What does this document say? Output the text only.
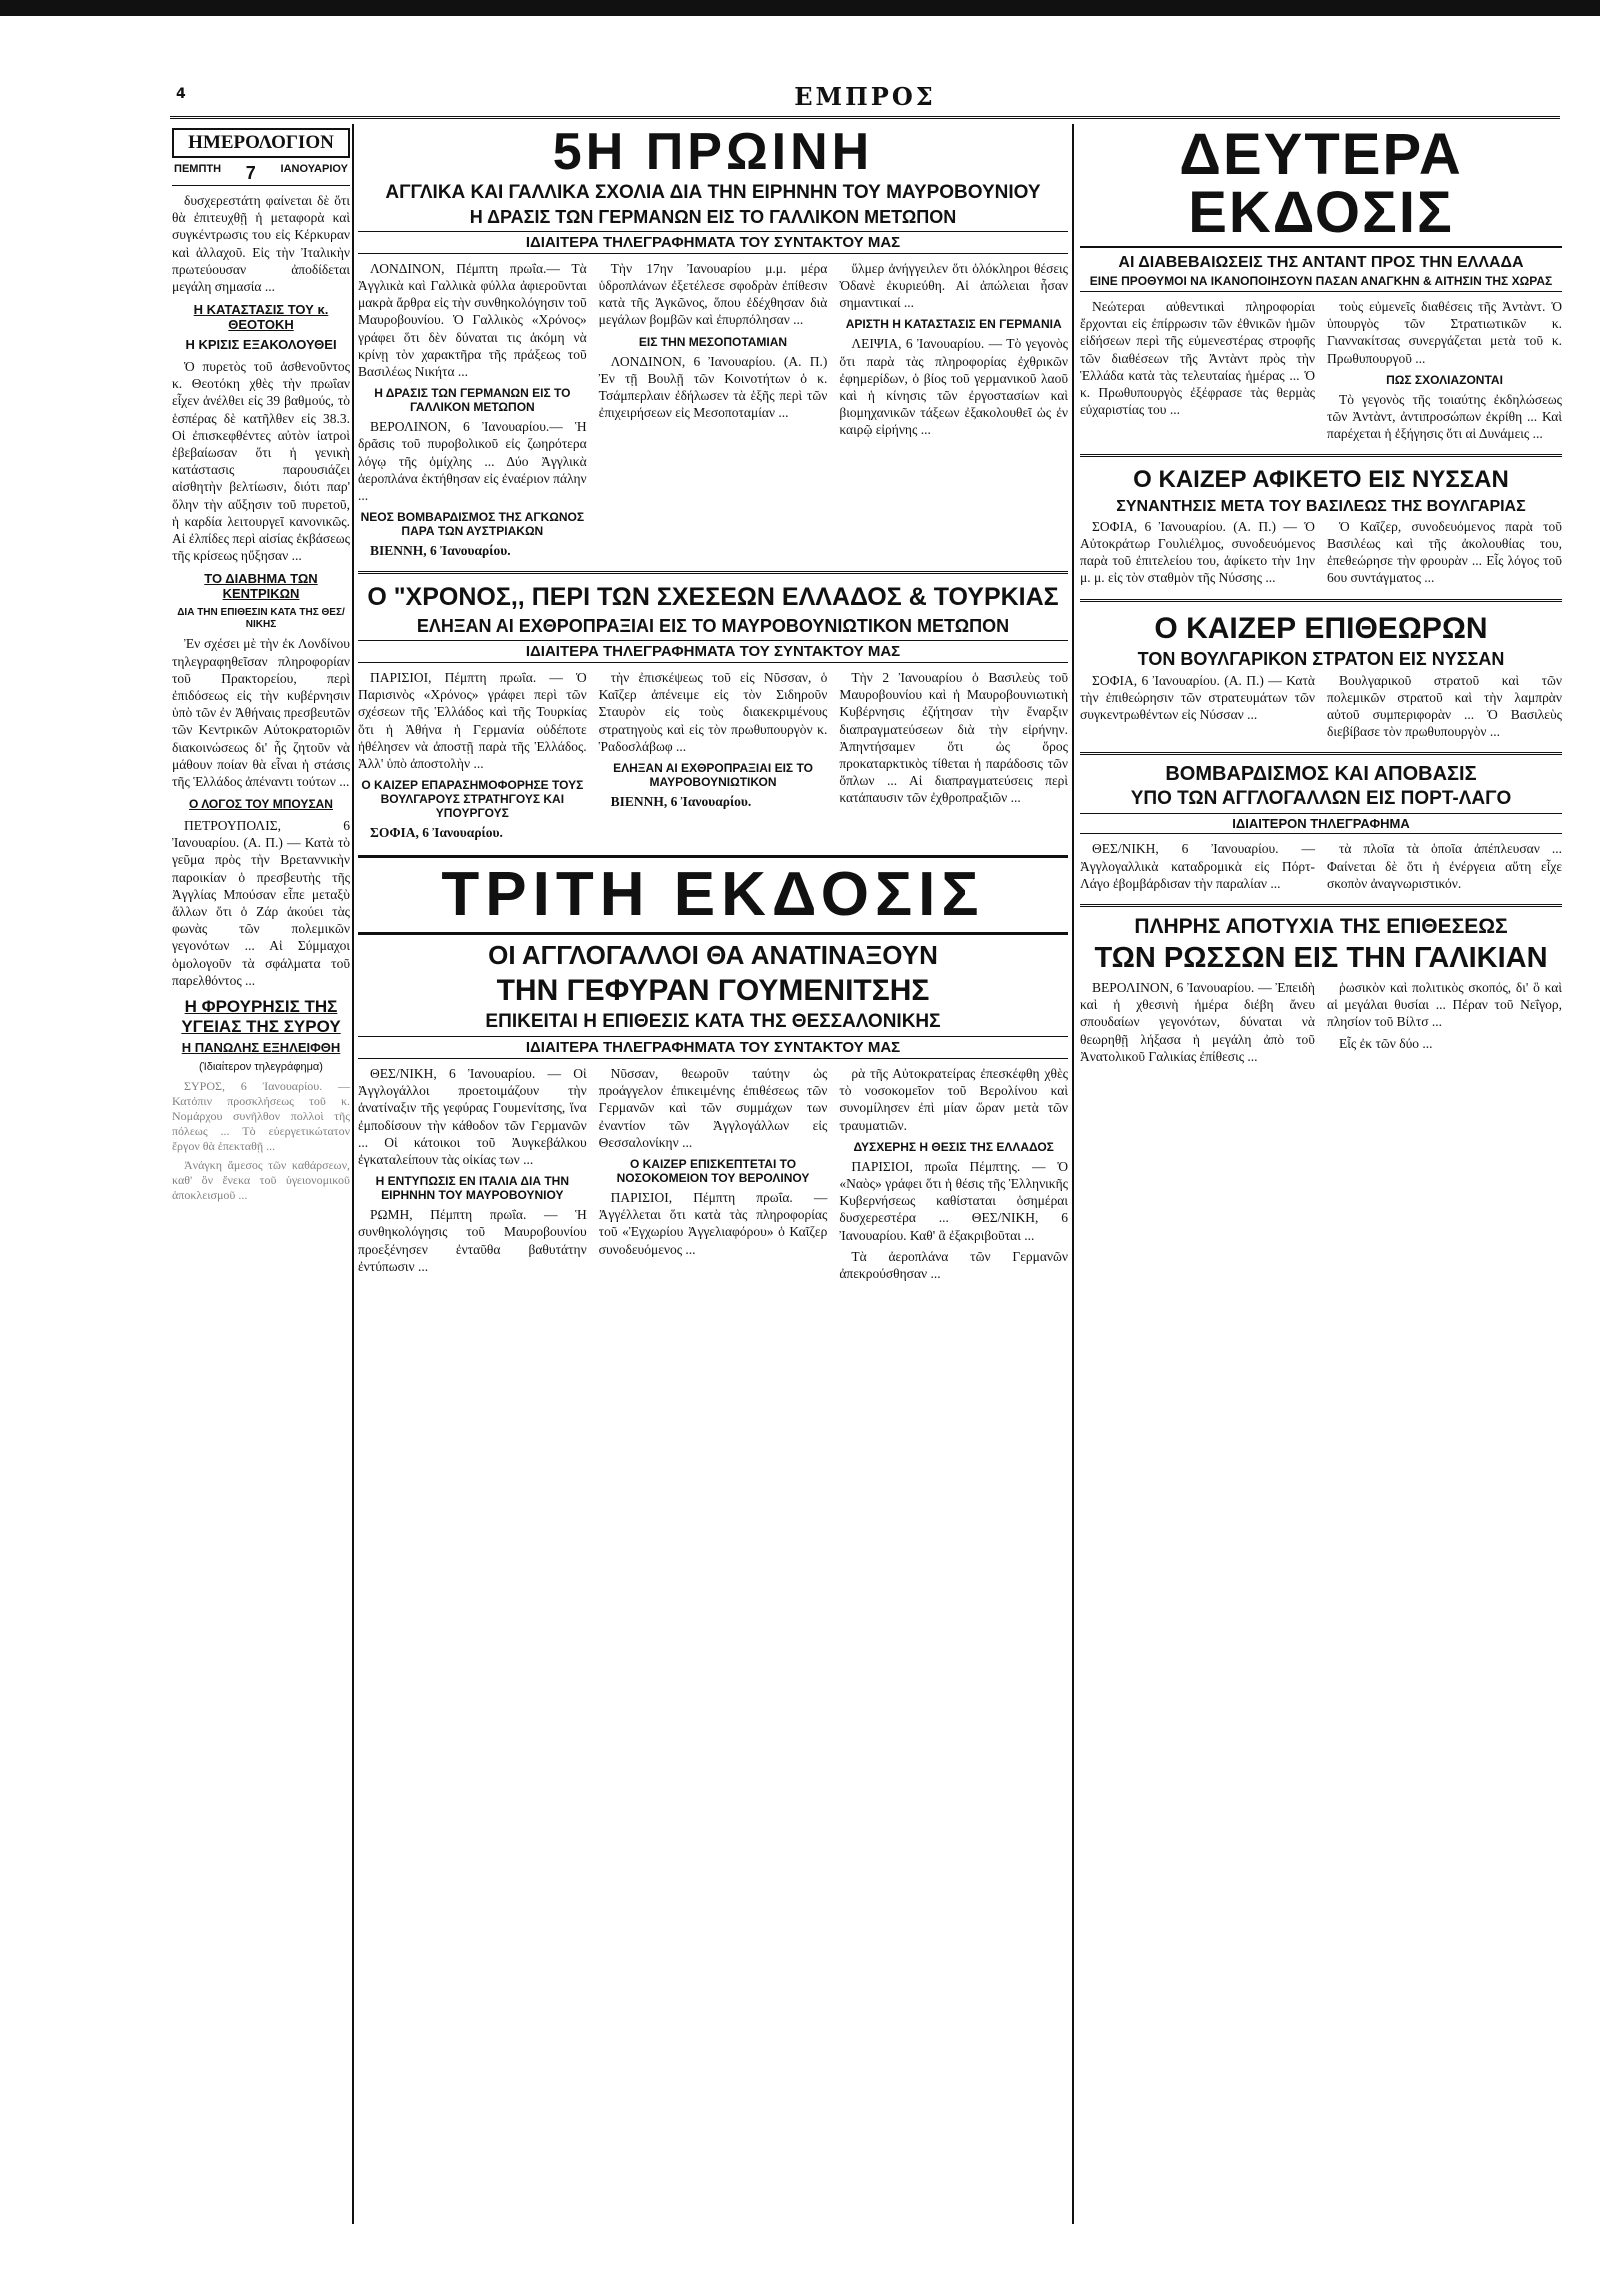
4	ΕΜΠΡΟΣ
ΗΜΕΡΟΛΟΓΙΟΝ
ΠΕΜΠΤΗ 7 ΙΑΝΟΥΑΡΙΟΥ

δυσχερεστάτη φαίνεται δὲ ὅτι θὰ ἐπιτευχθῇ ἡ μεταφορὰ καὶ συγκέντρωσις του εἰς Κέρκυραν καὶ ἀλλαχοῦ. Εἰς τὴν Ἰταλικὴν πρωτεύουσαν ἀποδίδεται μεγάλη σημασία ...

Η ΚΑΤΑΣΤΑΣΙΣ ΤΟΥ κ. ΘΕΟΤΟΚΗ
Η ΚΡΙΣΙΣ ΕΞΑΚΟΛΟΥΘΕΙ

Ὁ πυρετὸς τοῦ ἀσθενοῦντος κ. Θεοτόκη χθὲς τὴν πρωΐαν εἶχεν ἀνέλθει εἰς 39 βαθμούς, τὸ ἑσπέρας δὲ κατῆλθεν εἰς 38.3. Οἱ ἐπισκεφθέντες αὐτὸν ἰατροὶ ἐβεβαίωσαν ὅτι ἡ γενικὴ κατάστασις παρουσιάζει αἰσθητὴν βελτίωσιν, διότι παρ' ὅλην τὴν αὔξησιν τοῦ πυρετοῦ, ἡ καρδία λειτουργεῖ κανονικῶς. Αἱ ἐλπίδες περὶ αἰσίας ἐκβάσεως τῆς κρίσεως ηὔξησαν ...

ΤΟ ΔΙΑΒΗΜΑ ΤΩΝ ΚΕΝΤΡΙΚΩΝ
ΔΙΑ ΤΗΝ ΕΠΙΘΕΣΙΝ ΚΑΤΑ ΤΗΣ ΘΕΣ/ΝΙΚΗΣ

Ἐν σχέσει μὲ τὴν ἐκ Λονδίνου τηλεγραφηθεῖσαν πληροφορίαν τοῦ Πρακτορείου, περὶ ἐπιδόσεως εἰς τὴν κυβέρνησιν ὑπὸ τῶν ἐν Ἀθήναις πρεσβευτῶν τῶν Κεντρικῶν Αὐτοκρατοριῶν διακοινώσεως δι' ἧς ζητοῦν νὰ μάθουν ποίαν θὰ εἶναι ἡ στάσις τῆς Ἑλλάδος ἀπέναντι τούτων ...

Ο ΛΟΓΟΣ ΤΟΥ ΜΠΟΥΣΑΝ

ΠΕΤΡΟΥΠΟΛΙΣ, 6 Ἰανουαρίου. (Α. Π.) — Κατὰ τὸ γεῦμα πρὸς τὴν Βρεταννικὴν παροικίαν ὁ πρεσβευτὴς τῆς Ἀγγλίας Μπούσαν εἶπε μεταξὺ ἄλλων ὅτι ὁ Ζάρ ἀκούει τὰς φωνὰς τῶν πολεμικῶν γεγονότων ... Αἱ Σύμμαχοι ὁμολογοῦν τὰ σφάλματα τοῦ παρελθόντος ...

Η ΦΡΟΥΡΗΣΙΣ ΤΗΣ ΥΓΕΙΑΣ ΤΗΣ ΣΥΡΟΥ
Η ΠΑΝΩΛΗΣ ΕΞΗΛΕΙΦΘΗ
(Ἰδιαίτερον τηλεγράφημα)

ΣΥΡΟΣ, 6 Ἰανουαρίου. — Κατόπιν προσκλήσεως τοῦ κ. Νομάρχου συνῆλθον πολλοὶ τῆς πόλεως ... Τὸ εὐεργετικώτατον ἔργον θὰ ἐπεκταθῇ ...

Ἀνάγκη ἄμεσος τῶν καθάρσεων, καθ' ὃν ἕνεκα τοῦ ὑγειονομικοῦ ἀποκλεισμοῦ ...

5Η ΠΡΩΙΝΗ
ΑΓΓΛΙΚΑ ΚΑΙ ΓΑΛΛΙΚΑ ΣΧΟΛΙΑ ΔΙΑ ΤΗΝ ΕΙΡΗΝΗΝ ΤΟΥ ΜΑΥΡΟΒΟΥΝΙΟΥ
Η ΔΡΑΣΙΣ ΤΩΝ ΓΕΡΜΑΝΩΝ ΕΙΣ ΤΟ ΓΑΛΛΙΚΟΝ ΜΕΤΩΠΟΝ
ΙΔΙΑΙΤΕΡΑ ΤΗΛΕΓΡΑΦΗΜΑΤΑ ΤΟΥ ΣΥΝΤΑΚΤΟΥ ΜΑΣ

ΛΟΝΔΙΝΟΝ, Πέμπτη πρωΐα.— Τὰ Ἀγγλικὰ καὶ Γαλλικὰ φύλλα ἀφιεροῦνται μακρὰ ἄρθρα εἰς τὴν συνθηκολόγησιν τοῦ Μαυροβουνίου. Ὁ Γαλλικὸς «Χρόνος» γράφει ὅτι δὲν δύναται τις ἀκόμη νὰ κρίνῃ τὸν χαρακτῆρα τῆς πράξεως τοῦ Βασιλέως Νικήτα ...

Η ΔΡΑΣΙΣ ΤΩΝ ΓΕΡΜΑΝΩΝ ΕΙΣ ΤΟ ΓΑΛΛΙΚΟΝ ΜΕΤΩΠΟΝ

ΒΕΡΟΛΙΝΟΝ, 6 Ἰανουαρίου.— Ἡ δρᾶσις τοῦ πυροβολικοῦ εἰς ζωηρότερα λόγῳ τῆς ὁμίχλης ... Δύο Ἀγγλικὰ ἀεροπλάνα ἐκτήθησαν εἰς ἐναέριον πάλην ...

ΝΕΟΣ ΒΟΜΒΑΡΔΙΣΜΟΣ ΤΗΣ ΑΓΚΩΝΟΣ ΠΑΡΑ ΤΩΝ ΑΥΣΤΡΙΑΚΩΝ

ΒΙΕΝΝΗ, 6 Ἰανουαρίου.

Τὴν 17ην Ἰανουαρίου μ.μ. μέρα ὑδροπλάνων ἐξετέλεσε σφοδρὰν ἐπίθεσιν κατὰ τῆς Ἀγκῶνος, ὅπου ἐδέχθησαν διὰ μεγάλων βομβῶν καὶ ἐπυρπόλησαν ...

ΕΙΣ ΤΗΝ ΜΕΣΟΠΟΤΑΜΙΑΝ

ΛΟΝΔΙΝΟΝ, 6 Ἰανουαρίου. (Α. Π.) Ἐν τῇ Βουλῇ τῶν Κοινοτήτων ὁ κ. Τσάμπερλαιν ἐδήλωσεν τὰ ἑξῆς περὶ τῶν ἐπιχειρήσεων εἰς Μεσοποταμίαν ...

ὕλμερ ἀνήγγειλεν ὅτι ὁλόκληροι θέσεις Ὀδανὲ ἐκυριεύθη. Αἱ ἀπώλειαι ἦσαν σημαντικαί ...

ΑΡΙΣΤΗ Η ΚΑΤΑΣΤΑΣΙΣ ΕΝ ΓΕΡΜΑΝΙΑ

ΛΕΙΨΙΑ, 6 Ἰανουαρίου. — Τὸ γεγονὸς ὅτι παρὰ τὰς πληροφορίας ἐχθρικῶν ἐφημερίδων, ὁ βίος τοῦ γερμανικοῦ λαοῦ καὶ ἡ κίνησις τῶν ἐργοστασίων καὶ βιομηχανικῶν τάξεων ἐξακολουθεῖ ὡς ἐν καιρῷ εἰρήνης ...

Ο "ΧΡΟΝΟΣ,, ΠΕΡΙ ΤΩΝ ΣΧΕΣΕΩΝ ΕΛΛΑΔΟΣ & ΤΟΥΡΚΙΑΣ
ΕΛΗΞΑΝ ΑΙ ΕΧΘΡΟΠΡΑΞΙΑΙ ΕΙΣ ΤΟ ΜΑΥΡΟΒΟΥΝΙΩΤΙΚΟΝ ΜΕΤΩΠΟΝ
ΙΔΙΑΙΤΕΡΑ ΤΗΛΕΓΡΑΦΗΜΑΤΑ ΤΟΥ ΣΥΝΤΑΚΤΟΥ ΜΑΣ

ΠΑΡΙΣΙΟΙ, Πέμπτη πρωΐα. — Ὁ Παρισινὸς «Χρόνος» γράφει περὶ τῶν σχέσεων τῆς Ἑλλάδος καὶ τῆς Τουρκίας ὅτι ἡ Ἀθήνα ἡ Γερμανία οὐδέποτε ἠθέλησεν νὰ ἀποστῇ παρὰ τῆς Ἑλλάδος. Ἀλλ' ὑπὸ ἀποστολὴν ...

Ο ΚΑΙΖΕΡ ΕΠΑΡΑΣΗΜΟΦΟΡΗΣΕ ΤΟΥΣ ΒΟΥΛΓΑΡΟΥΣ ΣΤΡΑΤΗΓΟΥΣ ΚΑΙ ΥΠΟΥΡΓΟΥΣ

ΣΟΦΙΑ, 6 Ἰανουαρίου.

τὴν ἐπισκέψεως τοῦ εἰς Νῦσσαν, ὁ Καῖζερ ἀπένειμε εἰς τὸν Σιδηροῦν Σταυρὸν εἰς τοὺς διακεκριμένους στρατηγοὺς καὶ εἰς τὸν πρωθυπουργὸν κ. Ῥαδοσλάβωφ ...

ΕΛΗΞΑΝ ΑΙ ΕΧΘΡΟΠΡΑΞΙΑΙ ΕΙΣ ΤΟ ΜΑΥΡΟΒΟΥΝΙΩΤΙΚΟΝ

ΒΙΕΝΝΗ, 6 Ἰανουαρίου.

Τὴν 2 Ἰανουαρίου ὁ Βασιλεὺς τοῦ Μαυροβουνίου καὶ ἡ Μαυροβουνιωτικὴ Κυβέρνησις ἐζήτησαν τὴν ἔναρξιν διαπραγματεύσεων διὰ τὴν εἰρήνην. Ἀπηντήσαμεν ὅτι ὡς ὅρος προκαταρκτικὸς τίθεται ἡ παράδοσις τῶν ὅπλων ... Αἱ διαπραγματεύσεις περὶ κατάπαυσιν τῶν ἐχθροπραξιῶν ...

ΤΡΙΤΗ ΕΚΔΟΣΙΣ
ΟΙ ΑΓΓΛΟΓΑΛΛΟΙ ΘΑ ΑΝΑΤΙΝΑΞΟΥΝ
ΤΗΝ ΓΕΦΥΡΑΝ ΓΟΥΜΕΝΙΤΣΗΣ
ΕΠΙΚΕΙΤΑΙ Η ΕΠΙΘΕΣΙΣ ΚΑΤΑ ΤΗΣ ΘΕΣΣΑΛΟΝΙΚΗΣ
ΙΔΙΑΙΤΕΡΑ ΤΗΛΕΓΡΑΦΗΜΑΤΑ ΤΟΥ ΣΥΝΤΑΚΤΟΥ ΜΑΣ

ΘΕΣ/ΝΙΚΗ, 6 Ἰανουαρίου. — Οἱ Ἀγγλογάλλοι προετοιμάζουν τὴν ἀνατίναξιν τῆς γεφύρας Γουμενίτσης, ἵνα ἐμποδίσουν τὴν κάθοδον τῶν Γερμανῶν ... Οἱ κάτοικοι τοῦ Ἀυγκεβάλκου ἐγκαταλείπουν τὰς οἰκίας των ...

Η ΕΝΤΥΠΩΣΙΣ ΕΝ ΙΤΑΛΙΑ ΔΙΑ ΤΗΝ ΕΙΡΗΝΗΝ ΤΟΥ ΜΑΥΡΟΒΟΥΝΙΟΥ

ΡΩΜΗ, Πέμπτη πρωΐα. — Ἡ συνθηκολόγησις τοῦ Μαυροβουνίου προεξένησεν ἐνταῦθα βαθυτάτην ἐντύπωσιν ...

Νῦσσαν, θεωροῦν ταύτην ὡς προάγγελον ἐπικειμένης ἐπιθέσεως τῶν Γερμανῶν καὶ τῶν συμμάχων των ἐναντίον τῶν Ἀγγλογάλλων εἰς Θεσσαλονίκην ...

Ο ΚΑΙΖΕΡ ΕΠΙΣΚΕΠΤΕΤΑΙ ΤΟ ΝΟΣΟΚΟΜΕΙΟΝ ΤΟΥ ΒΕΡΟΛΙΝΟΥ

ΠΑΡΙΣΙΟΙ, Πέμπτη πρωΐα. — Ἀγγέλλεται ὅτι κατὰ τὰς πληροφορίας τοῦ «Ἐγχωρίου Ἀγγελιαφόρου» ὁ Καῖζερ συνοδευόμενος ...

ρὰ τῆς Αὐτοκρατείρας ἐπεσκέφθη χθὲς τὸ νοσοκομεῖον τοῦ Βερολίνου καὶ συνομίλησεν ἐπὶ μίαν ὥραν μετὰ τῶν τραυματιῶν.

ΔΥΣΧΕΡΗΣ Η ΘΕΣΙΣ ΤΗΣ ΕΛΛΑΔΟΣ

ΠΑΡΙΣΙΟΙ, πρωΐα Πέμπτης. — Ὁ «Ναὸς» γράφει ὅτι ἡ θέσις τῆς Ἑλληνικῆς Κυβερνήσεως καθίσταται ὁσημέραι δυσχερεστέρα ... ΘΕΣ/ΝΙΚΗ, 6 Ἰανουαρίου. Καθ' ἃ ἐξακριβοῦται ...

Τὰ ἀεροπλάνα τῶν Γερμανῶν ἀπεκρούσθησαν ...

ΔΕΥΤΕΡΑ ΕΚΔΟΣΙΣ
ΑΙ ΔΙΑΒΕΒΑΙΩΣΕΙΣ ΤΗΣ ΑΝΤΑΝΤ ΠΡΟΣ ΤΗΝ ΕΛΛΑΔΑ
ΕΙΝΕ ΠΡΟΘΥΜΟΙ ΝΑ ΙΚΑΝΟΠΟΙΗΣΟΥΝ ΠΑΣΑΝ ΑΝΑΓΚΗΝ & ΑΙΤΗΣΙΝ ΤΗΣ ΧΩΡΑΣ

Νεώτεραι αὐθεντικαὶ πληροφορίαι ἔρχονται εἰς ἐπίρρωσιν τῶν ἐθνικῶν ἡμῶν εἰδήσεων περὶ τῆς εὐμενεστέρας στροφῆς τῶν διαθέσεων τῆς Ἀντὰντ πρὸς τὴν Ἑλλάδα κατὰ τὰς τελευταίας ἡμέρας ... Ὁ κ. Πρωθυπουργὸς ἐξέφρασε τὰς θερμὰς εὐχαριστίας του ...

τοὺς εὐμενεῖς διαθέσεις τῆς Ἀντὰντ. Ὁ ὑπουργὸς τῶν Στρατιωτικῶν κ. Γιαννακίτσας συνεργάζεται μετὰ τοῦ κ. Πρωθυπουργοῦ ...

ΠΩΣ ΣΧΟΛΙΑΖΟΝΤΑΙ

Τὸ γεγονὸς τῆς τοιαύτης ἐκδηλώσεως τῶν Ἀντὰντ, ἀντιπροσώπων ἐκρίθη ... Καὶ παρέχεται ἡ ἐξήγησις ὅτι αἱ Δυνάμεις ...

Ο ΚΑΙΖΕΡ ΑΦΙΚΕΤΟ ΕΙΣ ΝΥΣΣΑΝ
ΣΥΝΑΝΤΗΣΙΣ ΜΕΤΑ ΤΟΥ ΒΑΣΙΛΕΩΣ ΤΗΣ ΒΟΥΛΓΑΡΙΑΣ

ΣΟΦΙΑ, 6 Ἰανουαρίου. (Α. Π.) — Ὁ Αὐτοκράτωρ Γουλιέλμος, συνοδευόμενος παρὰ τοῦ ἐπιτελείου του, ἀφίκετο τὴν 1ην μ. μ. εἰς τὸν σταθμὸν τῆς Νύσσης ...

Ὁ Καῖζερ, συνοδευόμενος παρὰ τοῦ Βασιλέως καὶ τῆς ἀκολουθίας του, ἐπεθεώρησε τὴν φρουρὰν ... Εἷς λόγος τοῦ 6ου συντάγματος ...

Ο ΚΑΙΖΕΡ ΕΠΙΘΕΩΡΩΝ
ΤΟΝ ΒΟΥΛΓΑΡΙΚΟΝ ΣΤΡΑΤΟΝ ΕΙΣ ΝΥΣΣΑΝ

ΣΟΦΙΑ, 6 Ἰανουαρίου. (Α. Π.) — Κατὰ τὴν ἐπιθεώρησιν τῶν στρατευμάτων τῶν συγκεντρωθέντων εἰς Νύσσαν ...

Βουλγαρικοῦ στρατοῦ καὶ τῶν πολεμικῶν στρατοῦ καὶ τὴν λαμπρὰν αὐτοῦ συμπεριφορὰν ... Ὁ Βασιλεὺς διεβίβασε τὸν πρωθυπουργὸν ...

ΒΟΜΒΑΡΔΙΣΜΟΣ ΚΑΙ ΑΠΟΒΑΣΙΣ
ΥΠΟ ΤΩΝ ΑΓΓΛΟΓΑΛΛΩΝ ΕΙΣ ΠΟΡΤ-ΛΑΓΟ
ΙΔΙΑΙΤΕΡΟΝ ΤΗΛΕΓΡΑΦΗΜΑ

ΘΕΣ/ΝΙΚΗ, 6 Ἰανουαρίου. — Ἀγγλογαλλικὰ καταδρομικὰ εἰς Πόρτ-Λάγο ἐβομβάρδισαν τὴν παραλίαν ...

τὰ πλοῖα τὰ ὁποῖα ἀπέπλευσαν ... Φαίνεται δὲ ὅτι ἡ ἐνέργεια αὕτη εἶχε σκοπὸν ἀναγνωριστικόν.

ΠΛΗΡΗΣ ΑΠΟΤΥΧΙΑ ΤΗΣ ΕΠΙΘΕΣΕΩΣ
ΤΩΝ ΡΩΣΣΩΝ ΕΙΣ ΤΗΝ ΓΑΛΙΚΙΑΝ

ΒΕΡΟΛΙΝΟΝ, 6 Ἰανουαρίου. — Ἐπειδὴ καὶ ἡ χθεσινὴ ἡμέρα διέβη ἄνευ σπουδαίων γεγονότων, δύναται νὰ θεωρηθῇ λήξασα ἡ μεγάλη ἀπὸ τοῦ Ἀνατολικοῦ Γαλικίας ἐπίθεσις ...

ῥωσικὸν καὶ πολιτικὸς σκοπός, δι' ὃ καὶ αἱ μεγάλαι θυσίαι ... Πέραν τοῦ Νεΐγορ, πλησίον τοῦ Βίλτσ ...

Εἷς ἐκ τῶν δύο ...
